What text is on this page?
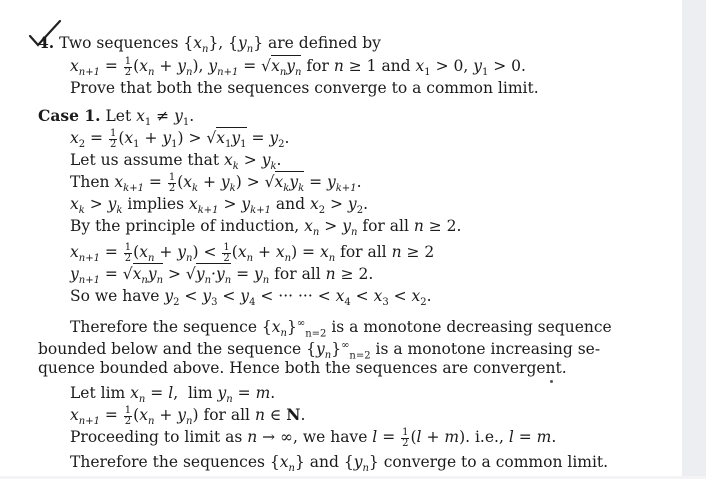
4. Two sequences $\{x_n\}$, $\{y_n\}$ are defined by
$x_{n+1} = \frac{1}{2} (x_n + y_n)$, $y_{n+1} = √x_ny_n$ for n ≥ 1 and $x_1 > 0$, $y_1 > 0$.
Prove that both the sequences converge to a common limit.
Case 1. Let $x_1 \ne y_1$.
$x_2 = \frac{1}{2} (x_1 + y_1) > √x_1y_1 = y_2$.
Let us assume that $x_k > y_k$.
Then $x_{k+1} = \frac{1}{2} (x_k + y_k) > √x_ky_k = y_{k+1}$.
$x_k > y_k$ implies $x_{k+1} > y_{k+1}$ and $x_2 > y_2$.
By the principle of induction, $x_n > y_n$ for all n ≥ 2.
$x_{n+1} = \frac{1}{2} (x_n + y_n) < \frac{1}{2} (x_n + x_n) = x_n$ for all n ≥ 2
$y_{n+1} = √x_ny_n > √y_n\cdot y_n = y_n$ for all n ≥ 2.
So we have $y_2 < y_3 < y_4$ < ··· ··· < $x_4 < x_3 < x_2$.
Therefore the sequence $\{x_n\}^\infty_{n=2}$ is a monotone decreasing sequence
bounded below and the sequence $\{y_n\}^\infty_{n=2}$ is a monotone increasing se-
quence bounded above. Hence both the sequences are convergent.
Let $\lim x_n = l$,  $\lim y_n = m$.
$x_{n+1} = \frac{1}{2} (x_n + y_n)$ for all n ∈ N.
Proceeding to limit as n → ∞, we have $l = \frac{1}{2} (l + m)$. i.e., l = m.
Therefore the sequences $\{x_n\}$ and $\{y_n\}$ converge to a common limit.
